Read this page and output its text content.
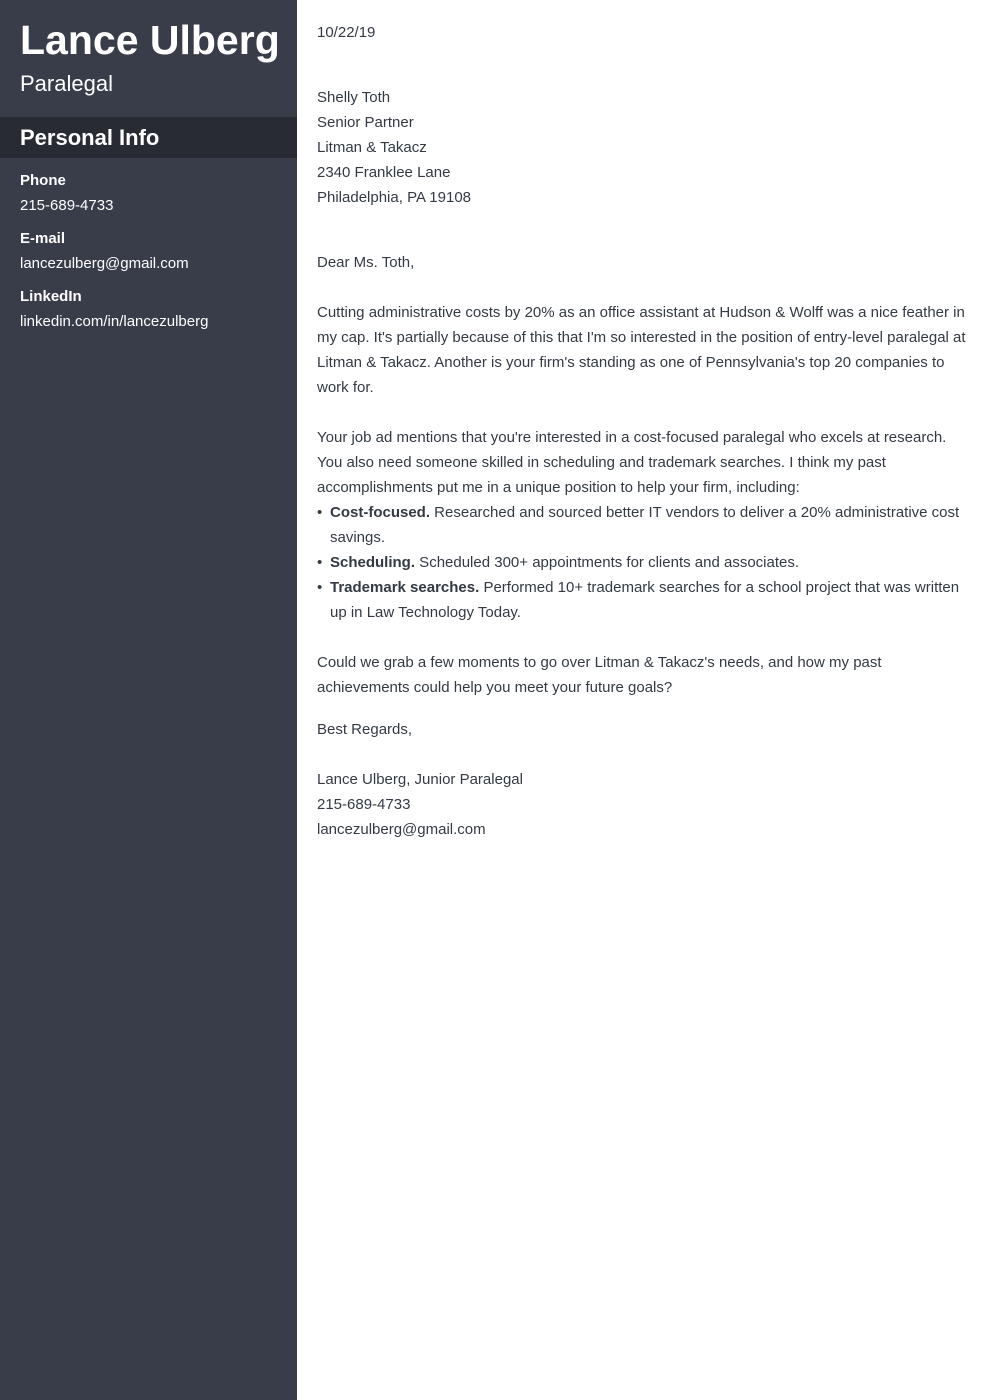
Lance Ulberg
Paralegal
Personal Info
Phone
215-689-4733
E-mail
lancezulberg@gmail.com
LinkedIn
linkedin.com/in/lancezulberg
10/22/19
Shelly Toth
Senior Partner
Litman & Takacz
2340 Franklee Lane
Philadelphia, PA 19108

Dear Ms. Toth,

Cutting administrative costs by 20% as an office assistant at Hudson & Wolff was a nice feather in my cap. It's partially because of this that I'm so interested in the position of entry-level paralegal at Litman & Takacz. Another is your firm's standing as one of Pennsylvania's top 20 companies to work for.

Your job ad mentions that you're interested in a cost-focused paralegal who excels at research. You also need someone skilled in scheduling and trademark searches. I think my past accomplishments put me in a unique position to help your firm, including:
• Cost-focused. Researched and sourced better IT vendors to deliver a 20% administrative cost savings.
• Scheduling. Scheduled 300+ appointments for clients and associates.
• Trademark searches. Performed 10+ trademark searches for a school project that was written up in Law Technology Today.

Could we grab a few moments to go over Litman & Takacz's needs, and how my past achievements could help you meet your future goals?

Best Regards,

Lance Ulberg, Junior Paralegal
215-689-4733
lancezulberg@gmail.com
